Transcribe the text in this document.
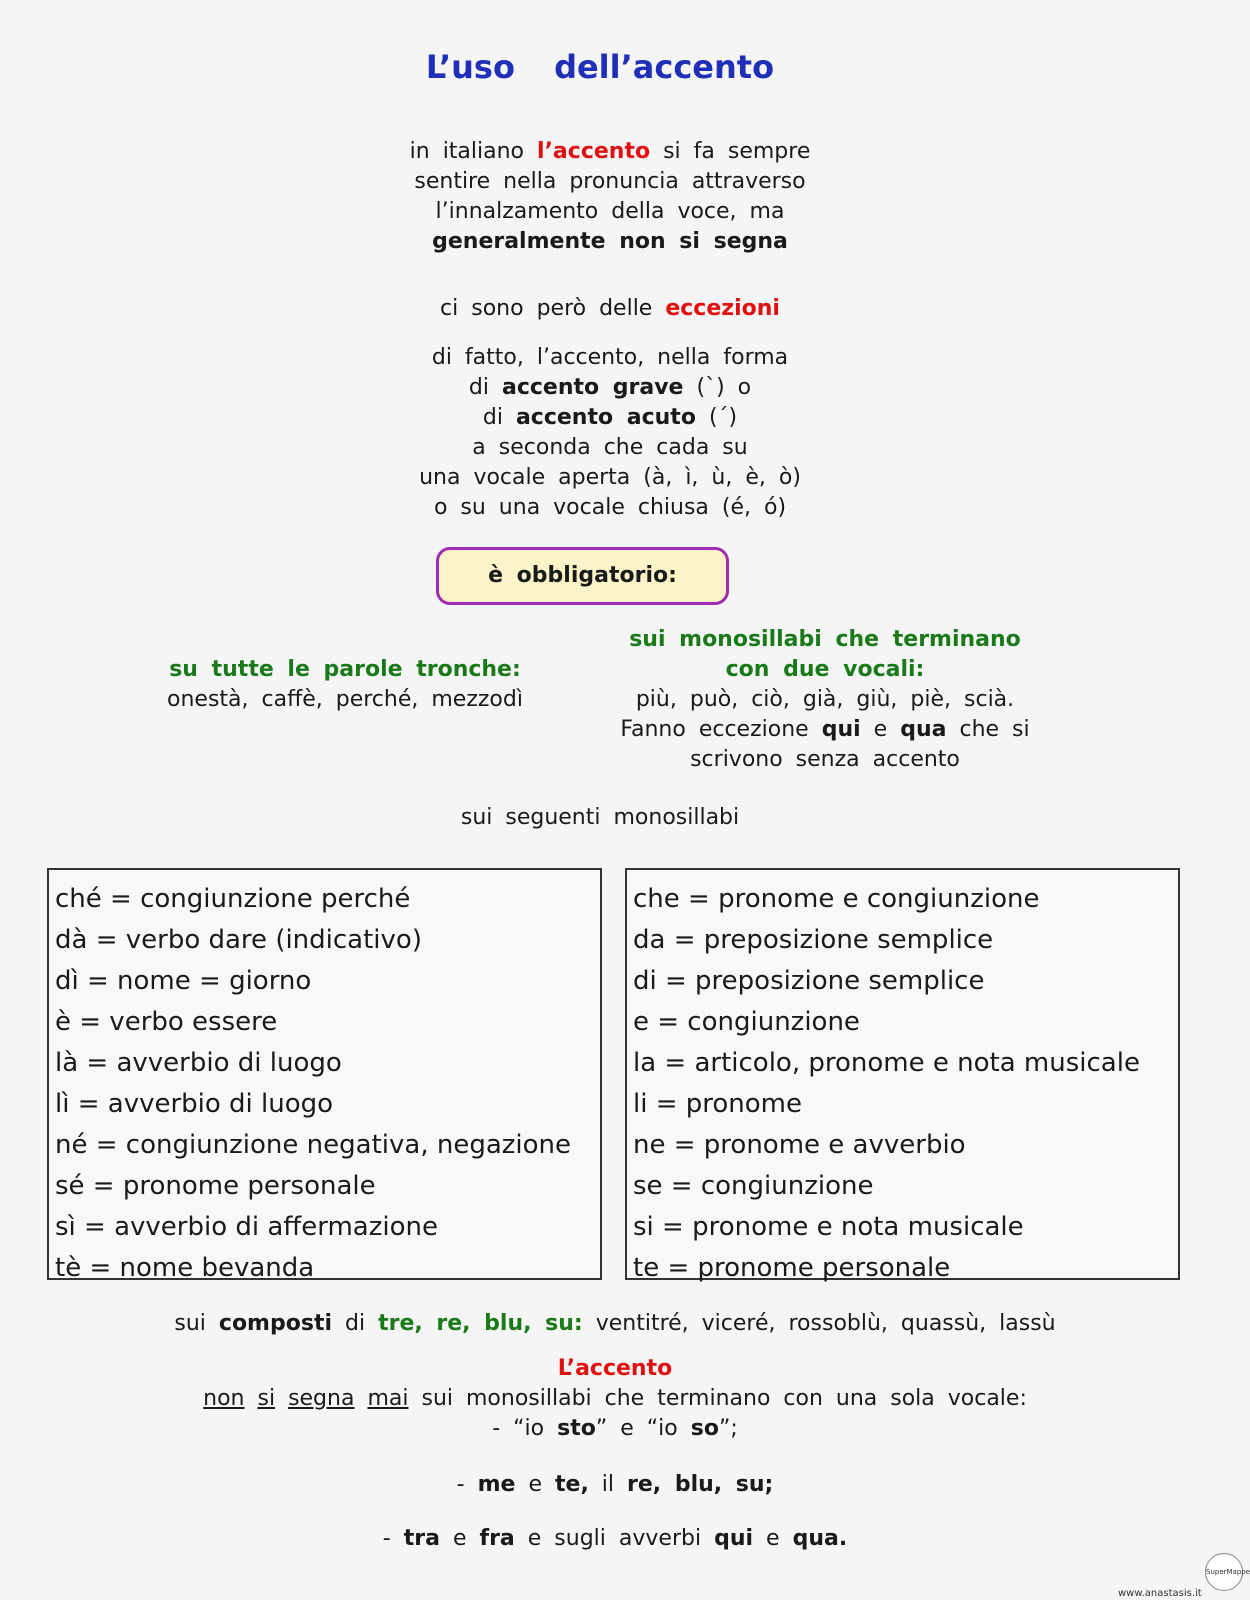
L’uso dell’accento
in italiano l’accento si fa sempre
sentire nella pronuncia attraverso
l’innalzamento della voce, ma
generalmente non si segna
ci sono però delle eccezioni
di fatto, l’accento, nella forma
di accento grave (`) o
di accento acuto (´)
a seconda che cada su
una vocale aperta (à, ì, ù, è, ò)
o su una vocale chiusa (é, ó)
è obbligatorio:
su tutte le parole tronche:
onestà, caffè, perché, mezzodì
sui monosillabi che terminano
con due vocali:
più, può, ciò, già, giù, piè, scià.
Fanno eccezione qui e qua che si
scrivono senza accento
sui seguenti monosillabi
ché = congiunzione perché
dà = verbo dare (indicativo)
dì = nome = giorno
è = verbo essere
là = avverbio di luogo
lì = avverbio di luogo
né = congiunzione negativa, negazione
sé = pronome personale
sì = avverbio di affermazione
tè = nome bevanda
che = pronome e congiunzione
da = preposizione semplice
di = preposizione semplice
e = congiunzione
la = articolo, pronome e nota musicale
li = pronome
ne = pronome e avverbio
se = congiunzione
si = pronome e nota musicale
te = pronome personale
sui composti di tre, re, blu, su: ventitré, viceré, rossoblù, quassù, lassù
L’accento
non si segna mai sui monosillabi che terminano con una sola vocale:
- “io sto” e “io so”;
- me e te, il re, blu, su;
- tra e fra e sugli avverbi qui e qua.
SuperMappe
www.anastasis.it
